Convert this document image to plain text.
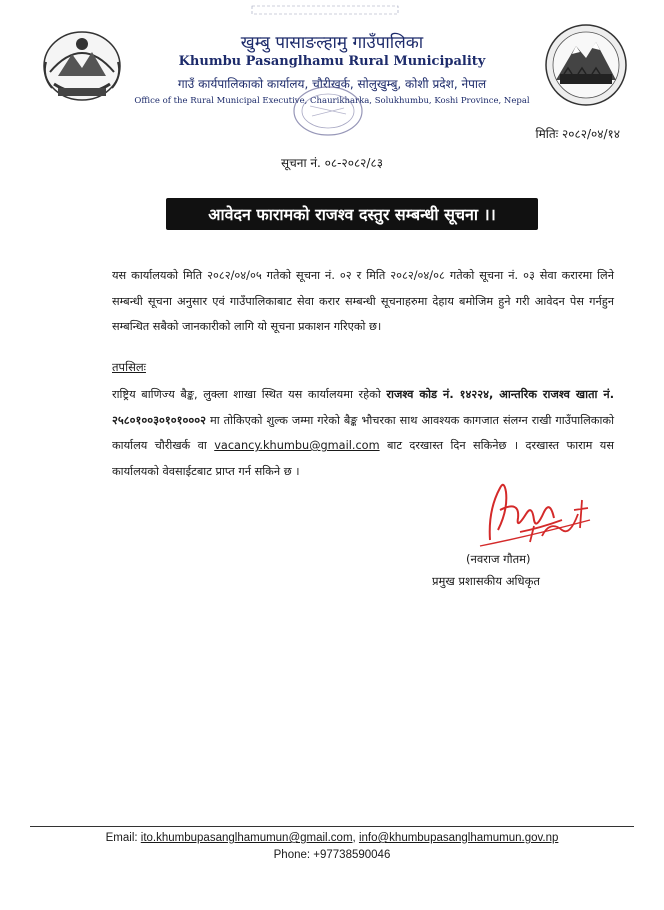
खुम्बु पासाङल्हामु गाउँपालिका
Khumbu Pasanglhamu Rural Municipality
गाउँ कार्यपालिकाको कार्यालय, चौरीखर्क, सोलुखुम्बु, कोशी प्रदेश, नेपाल
Office of the Rural Municipal Executive, Chaurikharka, Solukhumbu, Koshi Province, Nepal
मितिः २०८२/०४/१४
सूचना नं. ०८-२०८२/८३
आवेदन फारामको राजश्व दस्तुर सम्बन्धी सूचना ।।
यस कार्यालयको मिति २०८२/०४/०५ गतेको सूचना नं. ०२ र मिति २०८२/०४/०८ गतेको सूचना नं. ०३ सेवा करारमा लिने सम्बन्धी सूचना अनुसार एवं गाउँपालिकाबाट सेवा करार सम्बन्धी सूचनाहरुमा देहाय बमोजिम हुने गरी आवेदन पेस गर्नहुन सम्बन्धित सबैको जानकारीको लागि यो सूचना प्रकाशन गरिएको छ।
तपसिलः
राष्ट्रिय बाणिज्य बैङ्क, लुक्ला शाखा स्थित यस कार्यालयमा रहेको राजश्व कोड नं. १४२२४, आन्तरिक राजश्व खाता नं. २५८०१००३०१०१०००२ मा तोकिएको शुल्क जम्मा गरेको बैङ्क भौचरका साथ आवश्यक कागजात संलग्न राखी गाउँपालिकाको कार्यालय चौरीखर्क वा vacancy.khumbu@gmail.com बाट दरखास्त दिन सकिनेछ । दरखास्त फाराम यस कार्यालयको वेवसाईटबाट प्राप्त गर्न सकिने छ ।
(नवराज गौतम)
प्रमुख प्रशासकीय अधिकृत
Email: ito.khumbupasanglhamumun@gmail.com, info@khumbupasanglhamumun.gov.np
Phone: +97738590046
